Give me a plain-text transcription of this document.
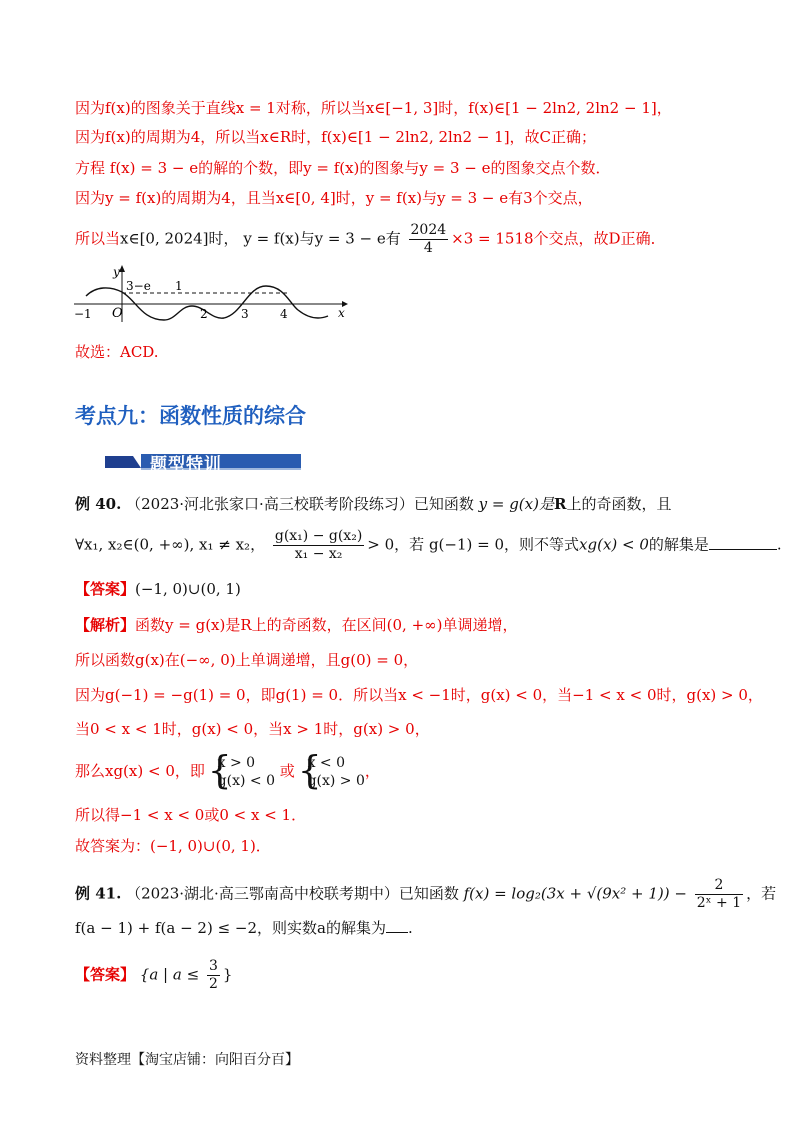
因为f(x)的图象关于直线x = 1对称，所以当x∈[−1, 3]时，f(x)∈[1 − 2ln2, 2ln2 − 1]，
因为f(x)的周期为4，所以当x∈R时，f(x)∈[1 − 2ln2, 2ln2 − 1]，故C正确；
方程 f(x) = 3 − e的解的个数，即y = f(x)的图象与y = 3 − e的图象交点个数．
因为y = f(x)的周期为4，且当x∈[0, 4]时，y = f(x)与y = 3 − e有3个交点，
所以当x∈[0, 2024]时， y = f(x)与y = 3 − e有 $\frac{2024}{4} \times 3 = 1518$个交点，故D正确．
y
x
O
3−e 1
−1	2	3	4
故选：ACD.
考点九：函数性质的综合
题型特训
例 40. （2023·河北张家口·高三校联考阶段练习）已知函数 y = g(x)是R上的奇函数，且
∀x₁, x₂∈(0, +∞), x₁ ≠ x₂， $\frac{\text{g(x₁) − g(x₂)}}{\text{x₁ − x₂}} > 0$，若 g(−1) = 0，则不等式xg(x) < 0的解集是	.
【答案】(−1, 0)∪(0, 1)
【解析】函数y = g(x)是R上的奇函数，在区间(0, +∞)单调递增，
所以函数g(x)在(−∞, 0)上单调递增，且g(0) = 0，
因为g(−1) = −g(1) = 0，即g(1) = 0．所以当x < −1时，g(x) < 0，当−1 < x < 0时，g(x) > 0，
当0 < x < 1时，g(x) < 0，当x > 1时，g(x) > 0，
那么xg(x) < 0，即 { x > 0
g(x) < 0
或 { x < 0
g(x) > 0
，
所以得−1 < x < 0或0 < x < 1．
故答案为：(−1, 0)∪(0, 1)．
例 41. （2023·湖北·高三鄂南高中校联考期中）已知函数 $f(x) = \log_2(3x + √(9x^2 + 1)) - \frac{2}{\text{2ˣ + 1}}$ ，若
f(a − 1) + f(a − 2) ≤ −2，则实数a的解集为 .
【答案】 {a | $a \le \frac{3}{2}$ }
资料整理【淘宝店铺：向阳百分百】
